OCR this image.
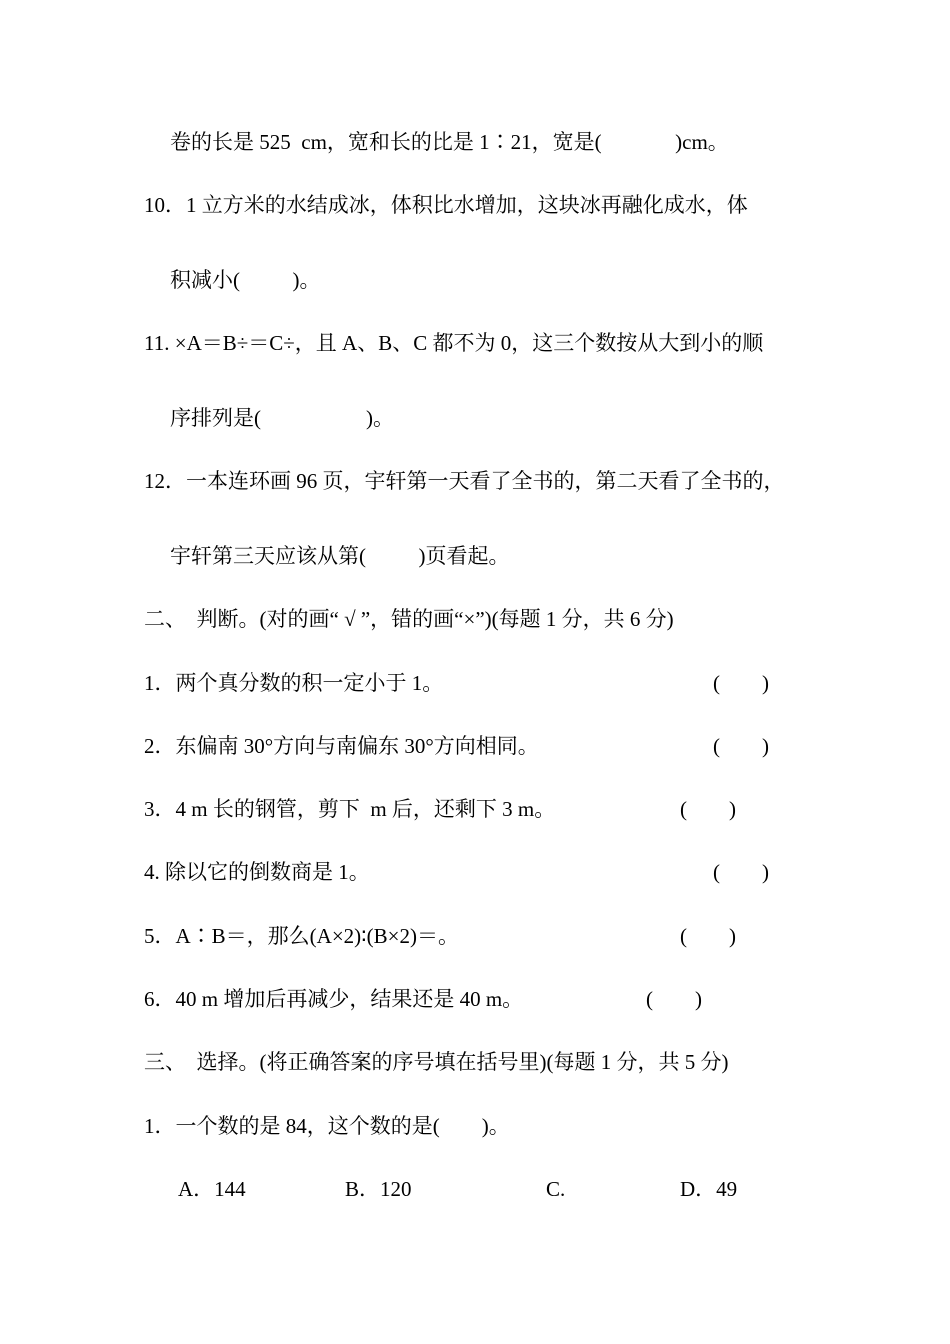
卷的长是 525  cm，宽和长的比是 1∶21，宽是(              )cm。
10．1 立方米的水结成冰，体积比水增加，这块冰再融化成水，体
积减小(          )。
11. ×A＝B÷＝C÷，且 A、B、C 都不为 0，这三个数按从大到小的顺
序排列是(                    )。
12．一本连环画 96 页，宇轩第一天看了全书的，第二天看了全书的，
宇轩第三天应该从第(          )页看起。
二、  判断。(对的画“ √ ”，错的画“×”)(每题 1 分，共 6 分)
1．两个真分数的积一定小于 1。	(        )
2．东偏南 30°方向与南偏东 30°方向相同。	(        )
3．4 m 长的钢管，剪下  m 后，还剩下 3 m。	(        )
4. 除以它的倒数商是 1。	(        )
5．A∶B＝，那么(A×2)∶(B×2)＝。	(        )
6．40 m 增加后再减少，结果还是 40 m。	(        )
三、  选择。(将正确答案的序号填在括号里)(每题 1 分，共 5 分)
1．一个数的是 84，这个数的是(        )。
A．144	B．120	C.	D．49
